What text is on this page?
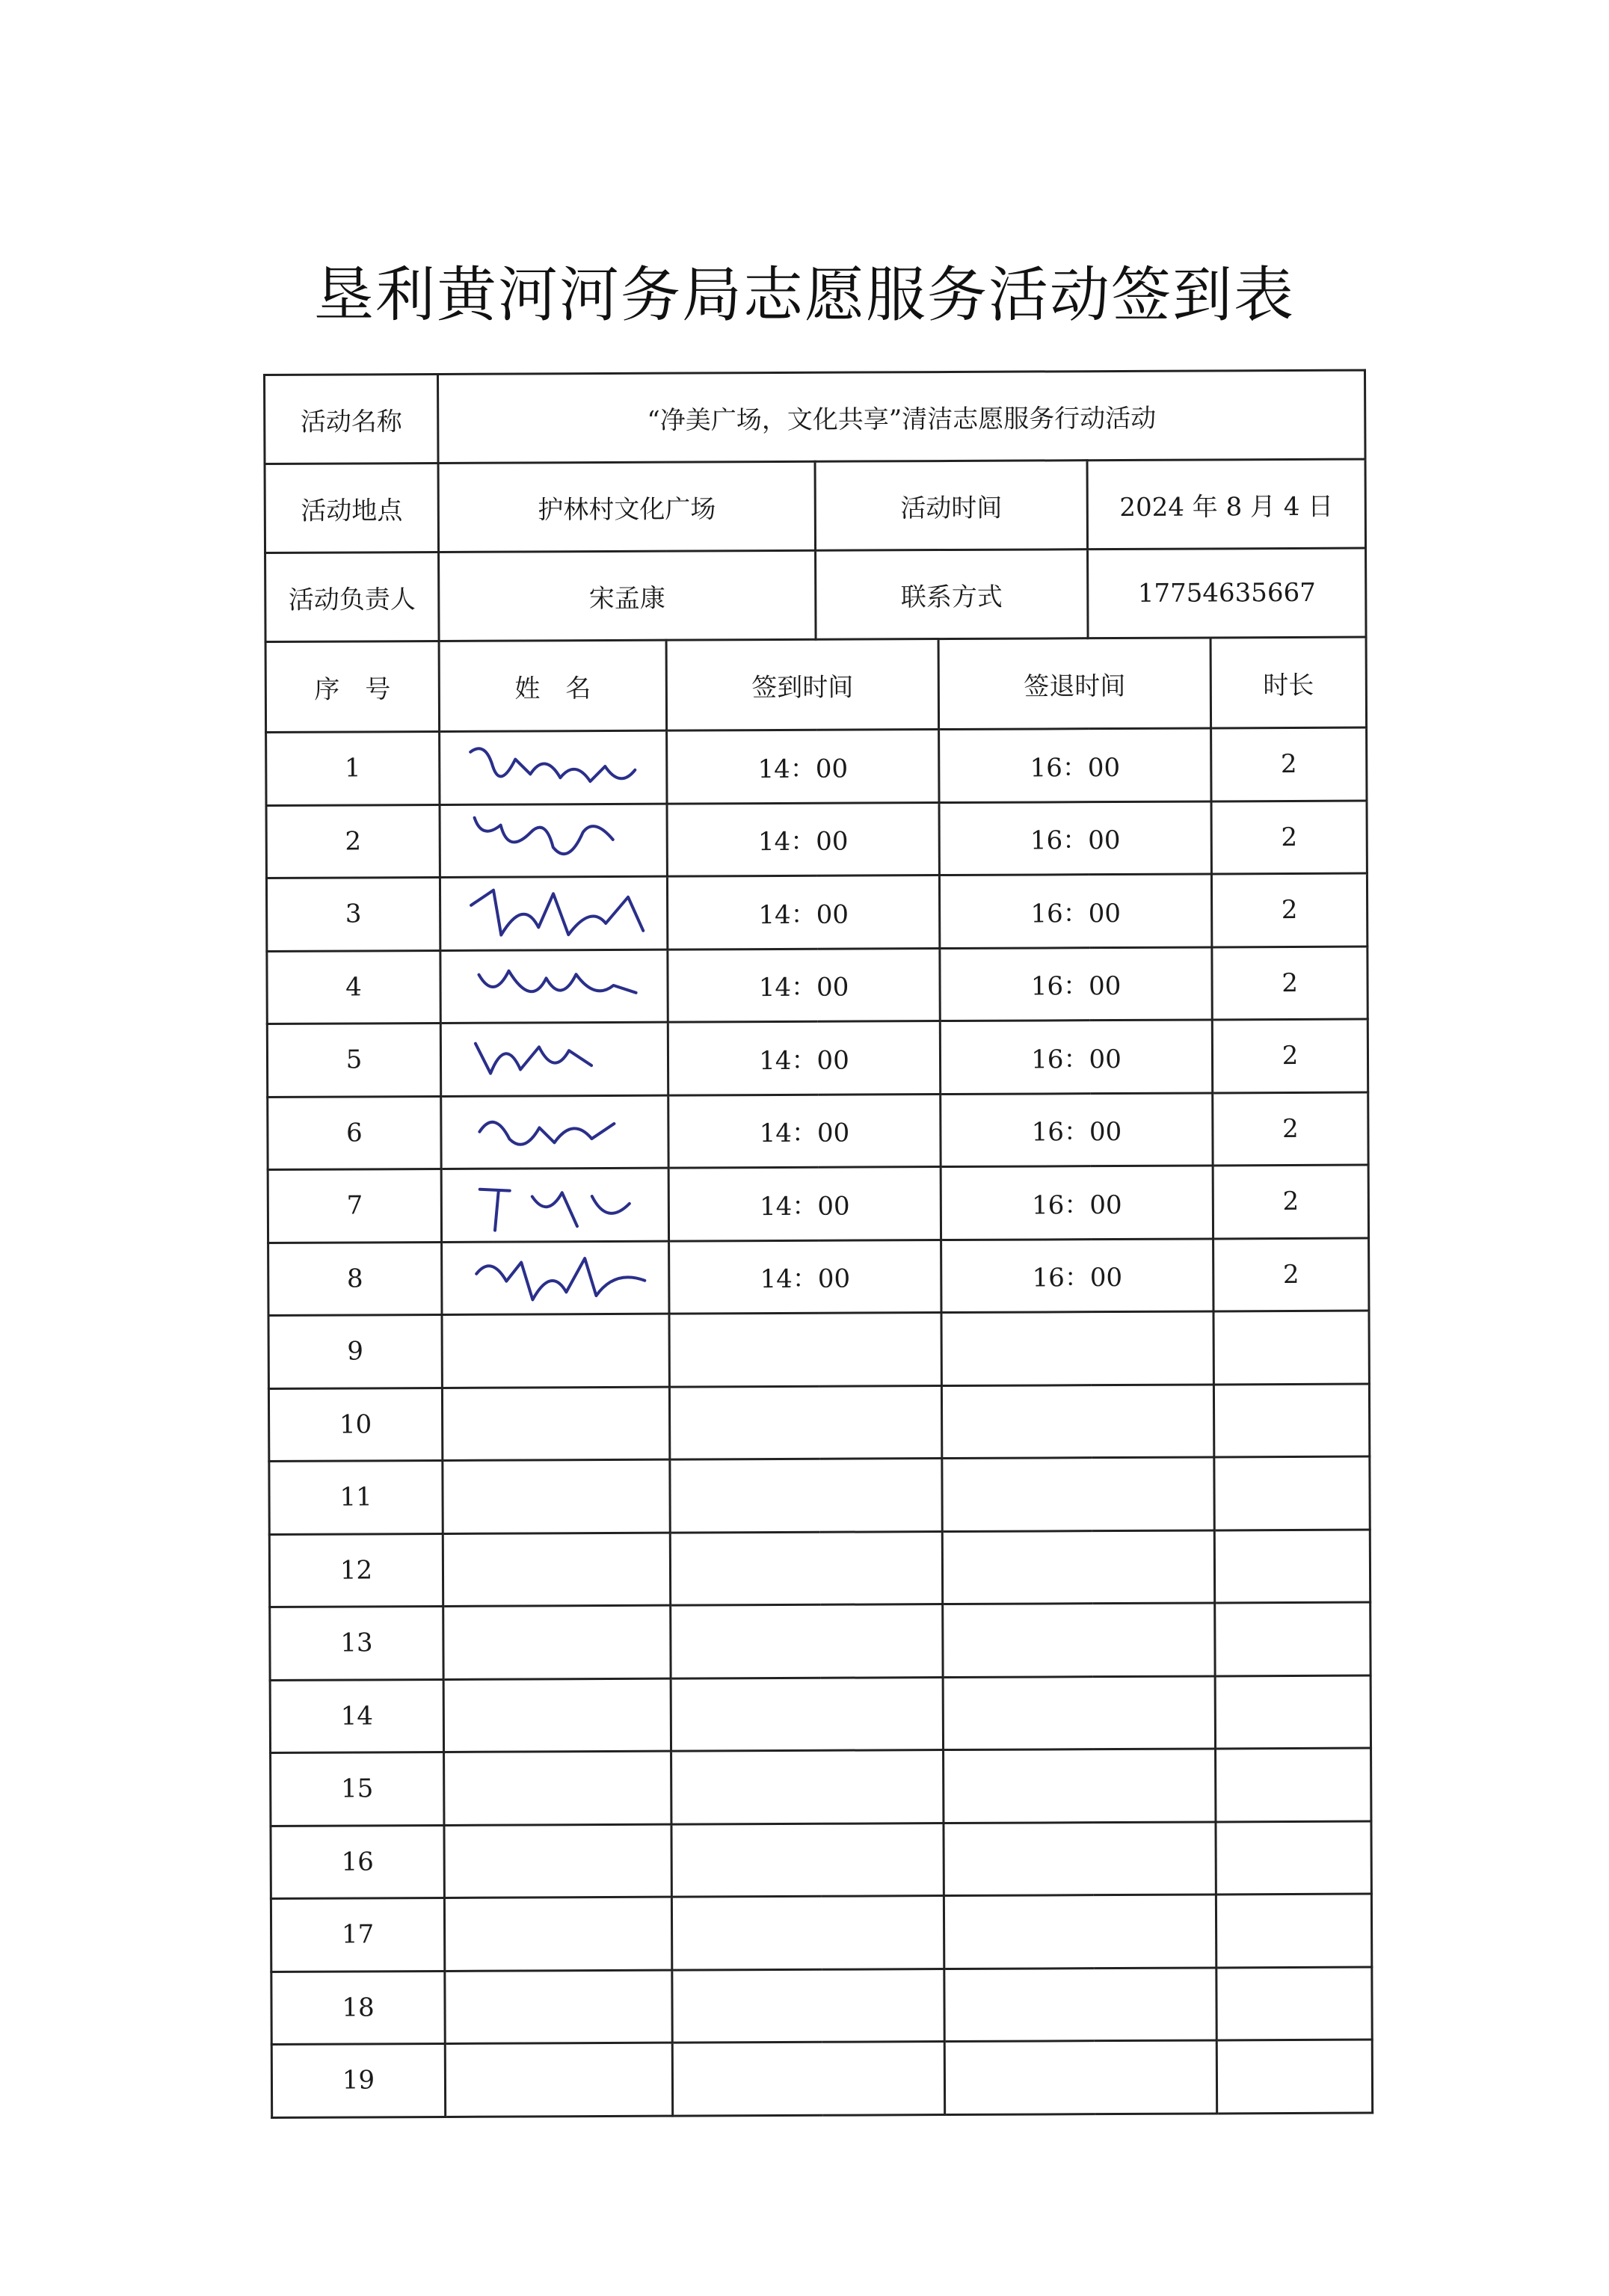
垦利黄河河务局志愿服务活动签到表
活动名称	“净美广场，文化共享”清洁志愿服务行动活动					
活动地点	护林村文化广场		活动时间		2024 年 8 月 4 日	
活动负责人	宋孟康		联系方式		17754635667	
序　号	姓　名	签到时间		签退时间		时长
1		14：00		16：00		2
2		14：00		16：00		2
3		14：00		16：00		2
4		14：00		16：00		2
5		14：00		16：00		2
6		14：00		16：00		2
7		14：00		16：00		2
8		14：00		16：00		2
9						
10						
11						
12						
13						
14						
15						
16						
17						
18						
19						
